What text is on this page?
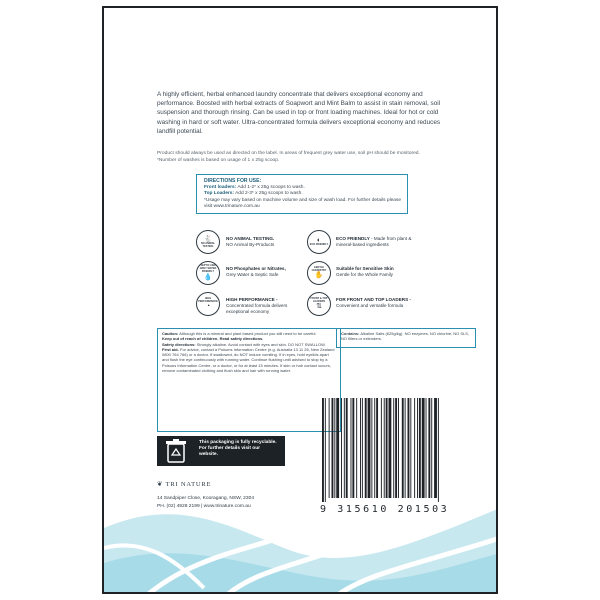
A highly efficient, herbal enhanced laundry concentrate that delivers exceptional economy and performance. Boosted with herbal extracts of Soapwort and Mint Balm to assist in stain removal, soil suspension and thorough rinsing. Can be used in top or front loading machines. Ideal for hot or cold washing in hard or soft water. Ultra-concentrated formula delivers exceptional economy and reduces landfill potential.
Product should always be used as directed on the label. In areas of frequent grey water use, soil pH should be monitored.
*Number of washes is based on usage of 1 x 25g scoop.
DIRECTIONS FOR USE:
Front loaders: Add 1-2* x 25g scoops to wash.
Top Loaders: Add 2-3* x 25g scoops to wash.
*Usage may vary based on machine volume and size of wash load. For further details please visit www.trinature.com.au
🐇
NO ANIMAL TESTING
NO ANIMAL TESTING.
NO Animal By-Products
◐
ECO FRIENDLY
ECO FRIENDLY - Made from plant & mineral-based ingredients
SEPTIC AND GREY WATER FRIENDLY
💧
NO Phosphates or Nitrates,
Grey Water & Septic Safe
GENTLE CHEMISTRY
✋
Suitable for Sensitive Skin
Gentle for the Whole Family
HIGH PERFORMANCE
◔
HIGH PERFORMANCE -
Concentrated formula delivers exceptional economy
FRONT & TOP LOADERS
⇅
FOR FRONT AND TOP LOADERS -
Convenient and versatile formula
Caution: Although this is a mineral and plant based product you still need to be careful.
Keep out of reach of children. Read safety directions.
Safety directions: Strongly alkaline. Avoid contact with eyes and skin. DO NOT SWALLOW.
First aid- For advice, contact a Poisons Information Centre (e.g. Australia 13 11 26, New Zealand 0800 764 766) or a doctor. If swallowed, do NOT induce vomiting. If in eyes, hold eyelids apart and flush the eye continuously with running water. Continue flushing until advised to stop by a Poisons Information Centre, or a doctor, or for at least 15 minutes. If skin or hair contact occurs, remove contaminated clothing and flush skin and hair with running water.
Contains: Alkaline Salts (625g/kg). NO enzymes, NO chlorine, NO SLS, NO fillers or extenders.
This packaging is fully recyclable. For further details visit our website.
❦ TRI NATURE
14 Sandpiper Close, Kooragang, NSW, 2304
PH. (02) 4928 2199 | www.trinature.com.au	9 315610 201503
